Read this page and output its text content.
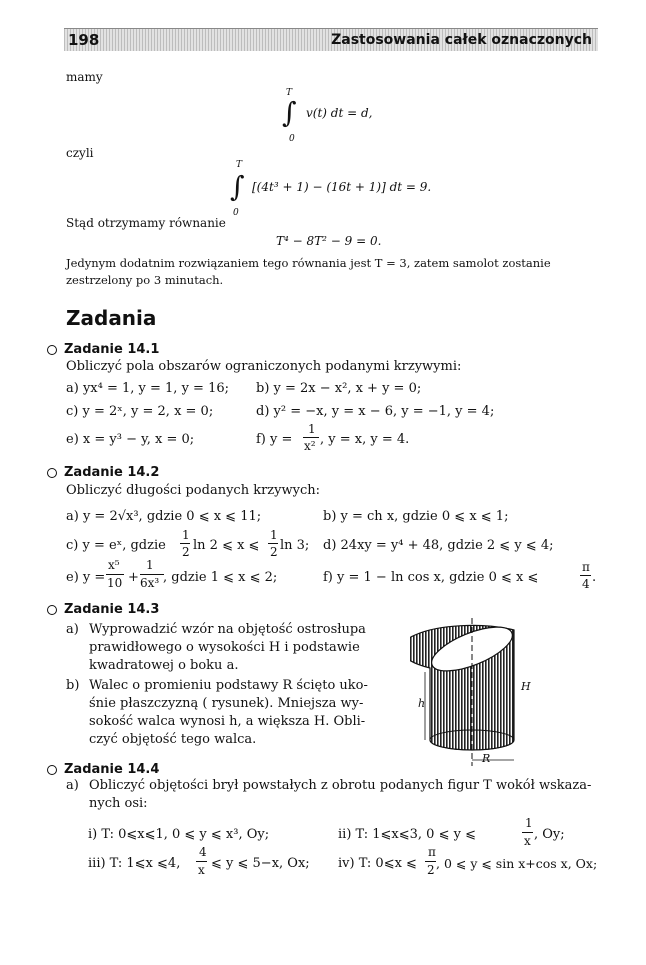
198	Zastosowania całek oznaczonych
mamy
T
∫
0
v(t) dt = d,
czyli
T
∫
0
[(4t³ + 1) − (16t + 1)] dt = 9.
Stąd otrzymamy równanie
T⁴ − 8T² − 9 = 0.
Jedynym dodatnim rozwiązaniem tego równania jest T = 3, zatem samolot zostanie
zestrzelony po 3 minutach.
Zadania
Zadanie 14.1
Obliczyć pola obszarów ograniczonych podanymi krzywymi:
a) yx⁴ = 1, y = 1, y = 16; b) y = 2x − x², x + y = 0;
c) y = 2ˣ, y = 2, x = 0;	d) y² = −x, y = x − 6, y = −1, y = 4;
e) x = y³ − y, x = 0;	f) y =
1
x² , y = x, y = 4.
Zadanie 14.2
Obliczyć długości podanych krzywych:
a) y = 2√x³, gdzie 0 ⩽ x ⩽ 11;	b) y = ch x, gdzie 0 ⩽ x ⩽ 1;
c) y = eˣ, gdzie
1
2 ln 2 ⩽ x ⩽
1
2 ln 3; d) 24xy = y⁴ + 48, gdzie 2 ⩽ y ⩽ 4;
e) y =
x⁵
10 +
1
6x³ , gdzie 1 ⩽ x ⩽ 2;	f) y = 1 − ln cos x, gdzie 0 ⩽ x ⩽
π
4 .
Zadanie 14.3
a) Wyprowadzić wzór na objętość ostrosłupa
prawidłowego o wysokości H i podstawie
kwadratowej o boku a.
b) Walec o promieniu podstawy R ścięto uko-
śnie płaszczyzną ( rysunek). Mniejsza wy-
sokość walca wynosi h, a większa H. Obli-
czyć objętość tego walca.
H
h
R
Zadanie 14.4
a) Obliczyć objętości brył powstałych z obrotu podanych figur T wokół wskaza-
nych osi:
i) T: 0⩽x⩽1, 0 ⩽ y ⩽ x³, Oy;	ii) T: 1⩽x⩽3, 0 ⩽ y ⩽
1
x , Oy;
iii) T: 1⩽x ⩽4,
4
x ⩽ y ⩽ 5−x, Ox; iv) T: 0⩽x ⩽
π
2 , 0 ⩽ y ⩽ sin x+cos x, Ox;
